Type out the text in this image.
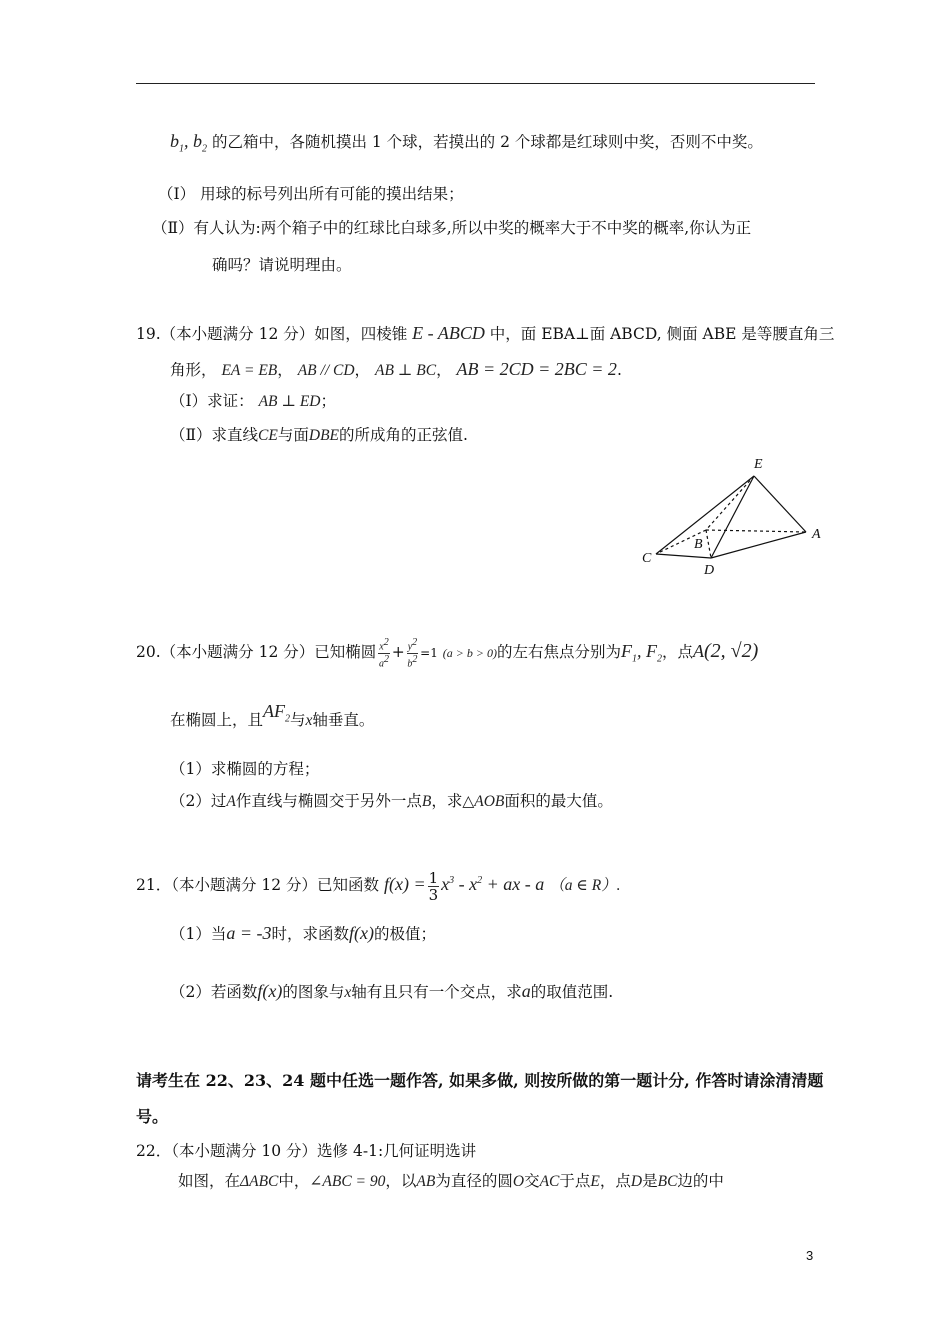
$b_1$, $b_2$ 的乙箱中，各随机摸出 1 个球，若摸出的 2 个球都是红球则中奖，否则不中奖。
（Ⅰ） 用球的标号列出所有可能的摸出结果；
（Ⅱ）有人认为:两个箱子中的红球比白球多,所以中奖的概率大于不中奖的概率,你认为正
确吗？请说明理由。
19.（本小题满分 12 分）如图，四棱锥 E - ABCD 中，面 EBA⊥面 ABCD, 侧面 ABE 是等腰直角三
角形， EA = EB， AB // CD， AB ⊥ BC， AB = 2CD = 2BC = 2.
（Ⅰ）求证： AB ⊥ ED；
（Ⅱ）求直线CE与面DBE的所成角的正弦值.
E
A
B
C
D
20.（本小题满分 12 分）已知椭圆 $\frac{x^2}{a^2} + \frac{y^2}{b^2} =1$ (a > b > 0)的左右焦点分别为$F_1$, $F_2$，点A(2, √2)
在椭圆上，且$AF_2$与x轴垂直。
（1）求椭圆的方程；
（2）过A作直线与椭圆交于另外一点B，求△AOB面积的最大值。
21．（本小题满分 12 分）已知函数 $f(x) = \frac{1}{3} x^3 - x^2$ + ax - a （a ∈ R）.
（1）当a = -3时，求函数f(x)的极值；
（2）若函数f(x)的图象与x轴有且只有一个交点，求a的取值范围.
请考生在 22、23、24 题中任选一题作答, 如果多做, 则按所做的第一题计分, 作答时请涂清清题
号。
22．（本小题满分 10 分）选修 4-1:几何证明选讲
如图，在ΔABC中，∠ABC = 90，以AB为直径的圆O交AC于点E，点D是BC边的中
3
